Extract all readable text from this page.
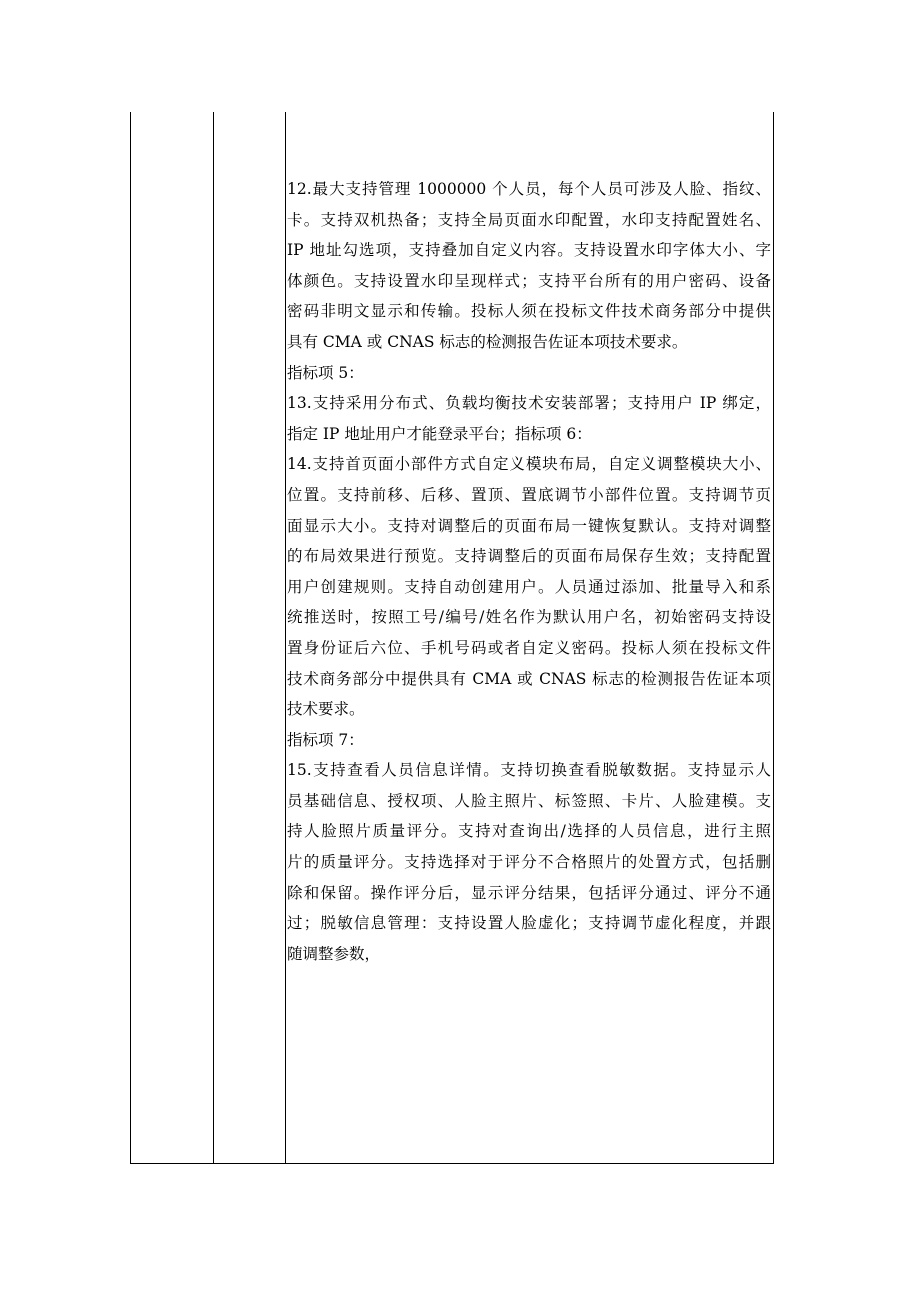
12.最大支持管理 1000000 个人员，每个人员可涉及人脸、指纹、
卡。支持双机热备；支持全局页面水印配置，水印支持配置姓名、
IP 地址勾选项，支持叠加自定义内容。支持设置水印字体大小、字
体颜色。支持设置水印呈现样式；支持平台所有的用户密码、设备
密码非明文显示和传输。投标人须在投标文件技术商务部分中提供
具有 CMA 或 CNAS 标志的检测报告佐证本项技术要求。
指标项 5：
13.支持采用分布式、负载均衡技术安装部署；支持用户 IP 绑定，
指定 IP 地址用户才能登录平台；指标项 6：
14.支持首页面小部件方式自定义模块布局，自定义调整模块大小、
位置。支持前移、后移、置顶、置底调节小部件位置。支持调节页
面显示大小。支持对调整后的页面布局一键恢复默认。支持对调整
的布局效果进行预览。支持调整后的页面布局保存生效；支持配置
用户创建规则。支持自动创建用户。人员通过添加、批量导入和系
统推送时，按照工号/编号/姓名作为默认用户名，初始密码支持设
置身份证后六位、手机号码或者自定义密码。投标人须在投标文件
技术商务部分中提供具有 CMA 或 CNAS 标志的检测报告佐证本项
技术要求。
指标项 7：
15.支持查看人员信息详情。支持切换查看脱敏数据。支持显示人
员基础信息、授权项、人脸主照片、标签照、卡片、人脸建模。支
持人脸照片质量评分。支持对查询出/选择的人员信息，进行主照
片的质量评分。支持选择对于评分不合格照片的处置方式，包括删
除和保留。操作评分后，显示评分结果，包括评分通过、评分不通
过；脱敏信息管理：支持设置人脸虚化；支持调节虚化程度，并跟
随调整参数，
